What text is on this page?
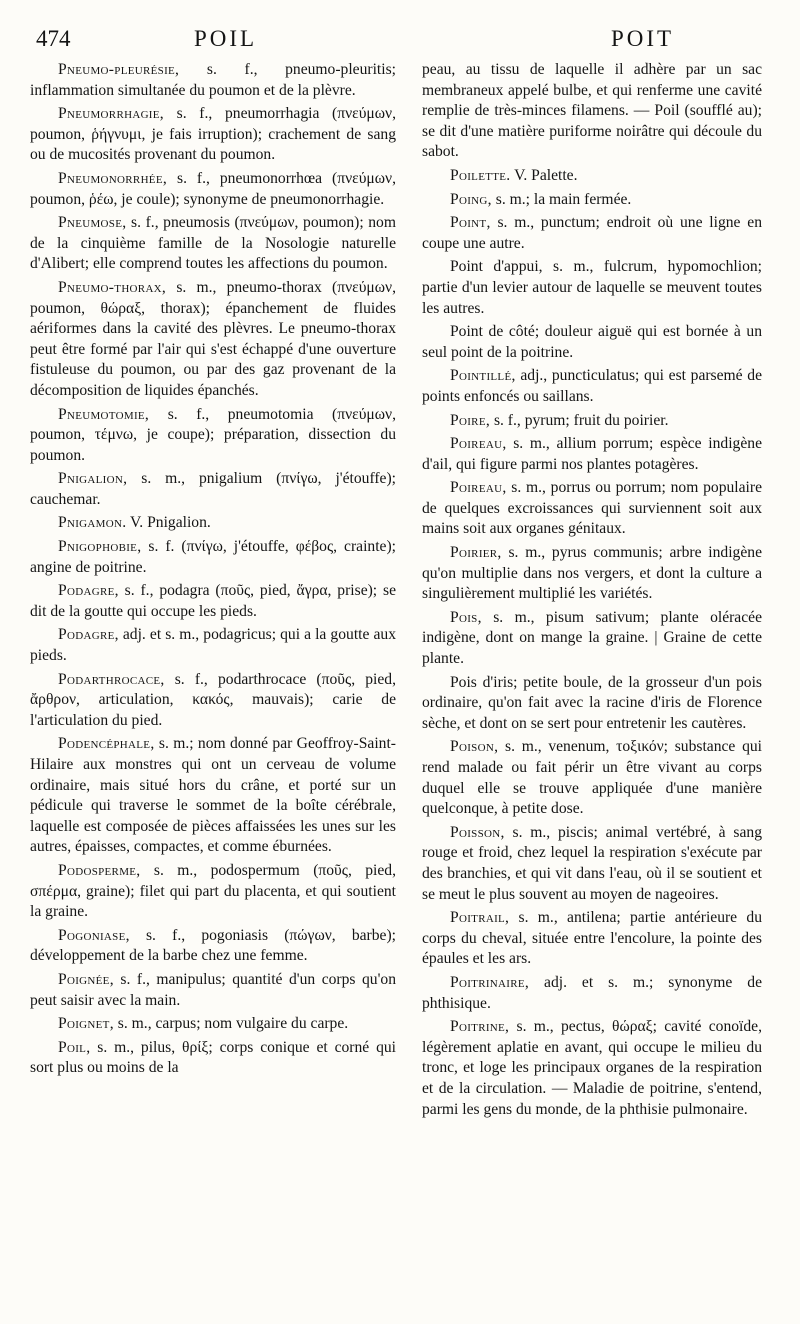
474	POIL	POIT

Pneumo-pleurésie, s. f., pneumo-pleuritis; inflammation simultanée du poumon et de la plèvre.

Pneumorrhagie, s. f., pneumorrhagia (πνεύμων, poumon, ῥήγνυμι, je fais irruption); crachement de sang ou de mucosités provenant du poumon.

Pneumonorrhée, s. f., pneumonorrhœa (πνεύμων, poumon, ῥέω, je coule); synonyme de pneumonorrhagie.

Pneumose, s. f., pneumosis (πνεύμων, poumon); nom de la cinquième famille de la Nosologie naturelle d'Alibert; elle comprend toutes les affections du poumon.

Pneumo-thorax, s. m., pneumo-thorax (πνεύμων, poumon, θώραξ, thorax); épanchement de fluides aériformes dans la cavité des plèvres. Le pneumo-thorax peut être formé par l'air qui s'est échappé d'une ouverture fistuleuse du poumon, ou par des gaz provenant de la décomposition de liquides épanchés.

Pneumotomie, s. f., pneumotomia (πνεύμων, poumon, τέμνω, je coupe); préparation, dissection du poumon.

Pnigalion, s. m., pnigalium (πνίγω, j'étouffe); cauchemar.

Pnigamon. V. Pnigalion.

Pnigophobie, s. f. (πνίγω, j'étouffe, φέβος, crainte); angine de poitrine.

Podagre, s. f., podagra (ποῦς, pied, ἄγρα, prise); se dit de la goutte qui occupe les pieds.

Podagre, adj. et s. m., podagricus; qui a la goutte aux pieds.

Podarthrocace, s. f., podarthrocace (ποῦς, pied, ἄρθρον, articulation, κακός, mauvais); carie de l'articulation du pied.

Podencéphale, s. m.; nom donné par Geoffroy-Saint-Hilaire aux monstres qui ont un cerveau de volume ordinaire, mais situé hors du crâne, et porté sur un pédicule qui traverse le sommet de la boîte cérébrale, laquelle est composée de pièces affaissées les unes sur les autres, épaisses, compactes, et comme éburnées.

Podosperme, s. m., podospermum (ποῦς, pied, σπέρμα, graine); filet qui part du placenta, et qui soutient la graine.

Pogoniase, s. f., pogoniasis (πώγων, barbe); développement de la barbe chez une femme.

Poignée, s. f., manipulus; quantité d'un corps qu'on peut saisir avec la main.

Poignet, s. m., carpus; nom vulgaire du carpe.

Poil, s. m., pilus, θρίξ; corps conique et corné qui sort plus ou moins de la

peau, au tissu de laquelle il adhère par un sac membraneux appelé bulbe, et qui renferme une cavité remplie de très-minces filamens. — Poil (soufflé au); se dit d'une matière puriforme noirâtre qui découle du sabot.

Poilette. V. Palette.

Poing, s. m.; la main fermée.

Point, s. m., punctum; endroit où une ligne en coupe une autre.

Point d'appui, s. m., fulcrum, hypomochlion; partie d'un levier autour de laquelle se meuvent toutes les autres.

Point de côté; douleur aiguë qui est bornée à un seul point de la poitrine.

Pointillé, adj., puncticulatus; qui est parsemé de points enfoncés ou saillans.

Poire, s. f., pyrum; fruit du poirier.

Poireau, s. m., allium porrum; espèce indigène d'ail, qui figure parmi nos plantes potagères.

Poireau, s. m., porrus ou porrum; nom populaire de quelques excroissances qui surviennent soit aux mains soit aux organes génitaux.

Poirier, s. m., pyrus communis; arbre indigène qu'on multiplie dans nos vergers, et dont la culture a singulièrement multiplié les variétés.

Pois, s. m., pisum sativum; plante oléracée indigène, dont on mange la graine. | Graine de cette plante.

Pois d'iris; petite boule, de la grosseur d'un pois ordinaire, qu'on fait avec la racine d'iris de Florence sèche, et dont on se sert pour entretenir les cautères.

Poison, s. m., venenum, τοξικόν; substance qui rend malade ou fait périr un être vivant au corps duquel elle se trouve appliquée d'une manière quelconque, à petite dose.

Poisson, s. m., piscis; animal vertébré, à sang rouge et froid, chez lequel la respiration s'exécute par des branchies, et qui vit dans l'eau, où il se soutient et se meut le plus souvent au moyen de nageoires.

Poitrail, s. m., antilena; partie antérieure du corps du cheval, située entre l'encolure, la pointe des épaules et les ars.

Poitrinaire, adj. et s. m.; synonyme de phthisique.

Poitrine, s. m., pectus, θώραξ; cavité conoïde, légèrement aplatie en avant, qui occupe le milieu du tronc, et loge les principaux organes de la respiration et de la circulation. — Maladie de poitrine, s'entend, parmi les gens du monde, de la phthisie pulmonaire.
